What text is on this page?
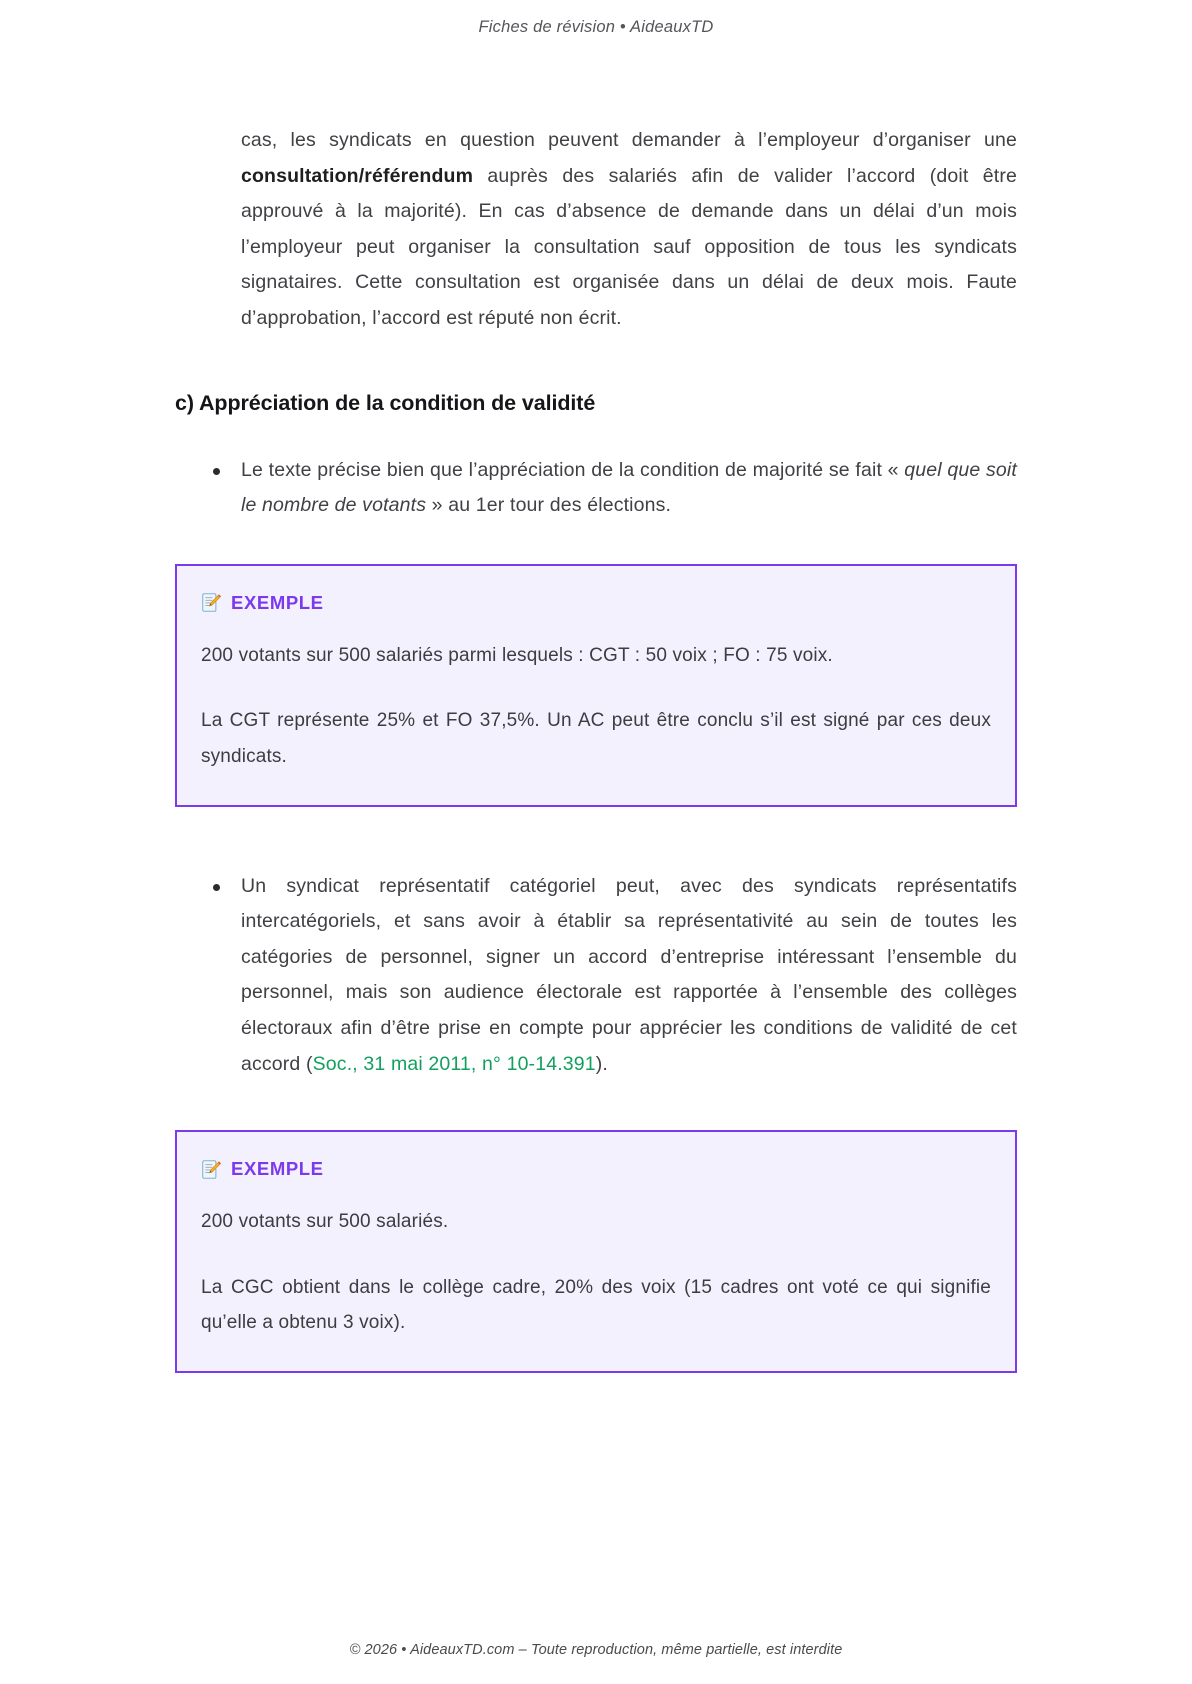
Fiches de révision • AideauxTD

cas, les syndicats en question peuvent demander à l’employeur d’organiser une consultation/référendum auprès des salariés afin de valider l’accord (doit être approuvé à la majorité). En cas d’absence de demande dans un délai d’un mois l’employeur peut organiser la consultation sauf opposition de tous les syndicats signataires. Cette consultation est organisée dans un délai de deux mois. Faute d’approbation, l’accord est réputé non écrit.

c) Appréciation de la condition de validité
Le texte précise bien que l’appréciation de la condition de majorité se fait « quel que soit le nombre de votants » au 1er tour des élections.
EXEMPLE

200 votants sur 500 salariés parmi lesquels : CGT : 50 voix ; FO : 75 voix.

La CGT représente 25% et FO 37,5%. Un AC peut être conclu s’il est signé par ces deux syndicats.

Un syndicat représentatif catégoriel peut, avec des syndicats représentatifs intercatégoriels, et sans avoir à établir sa représentativité au sein de toutes les catégories de personnel, signer un accord d’entreprise intéressant l’ensemble du personnel, mais son audience électorale est rapportée à l’ensemble des collèges électoraux afin d’être prise en compte pour apprécier les conditions de validité de cet accord (Soc., 31 mai 2011, n° 10-14.391).
EXEMPLE

200 votants sur 500 salariés.

La CGC obtient dans le collège cadre, 20% des voix (15 cadres ont voté ce qui signifie qu’elle a obtenu 3 voix).

© 2026 • AideauxTD.com – Toute reproduction, même partielle, est interdite
